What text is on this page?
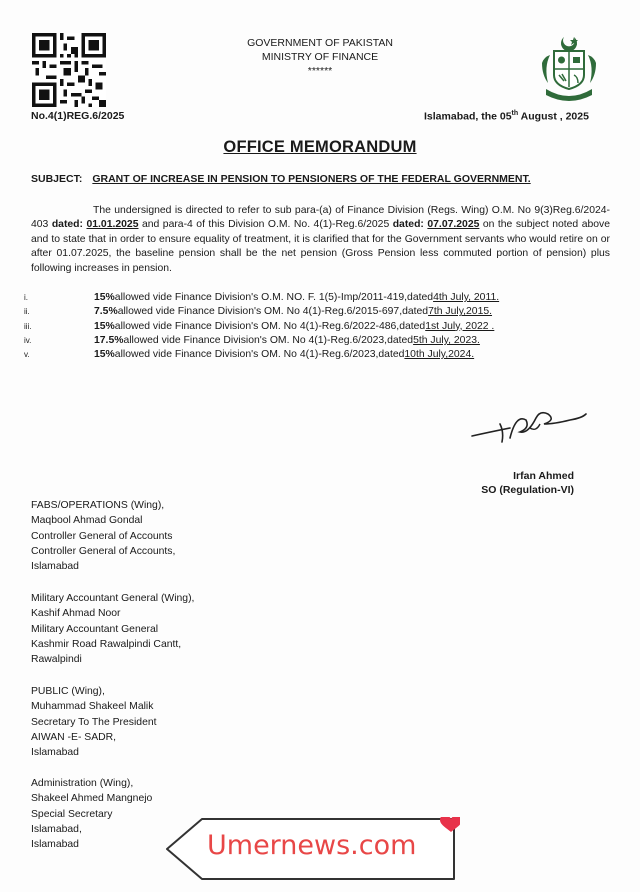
GOVERNMENT OF PAKISTAN
MINISTRY OF FINANCE
******
No.4(1)REG.6/2025	Islamabad, the 05th August , 2025
OFFICE MEMORANDUM
SUBJECT: GRANT OF INCREASE IN PENSION TO PENSIONERS OF THE FEDERAL GOVERNMENT.
The undersigned is directed to refer to sub para-(a) of Finance Division (Regs. Wing) O.M. No 9(3)Reg.6/2024-403 dated: 01.01.2025 and para-4 of this Division O.M. No. 4(1)-Reg.6/2025 dated: 07.07.2025 on the subject noted above and to state that in order to ensure equality of treatment, it is clarified that for the Government servants who would retire on or after 01.07.2025, the baseline pension shall be the net pension (Gross Pension less commuted portion of pension) plus following increases in pension.
i.	15% allowed vide Finance Division's O.M. NO. F. 1(5)-Imp/2011-419,dated 4th July, 2011.
ii.	7.5% allowed vide Finance Division's OM. No 4(1)-Reg.6/2015-697,dated 7th July,2015.
iii.	15% allowed vide Finance Division's OM. No 4(1)-Reg.6/2022-486,dated 1st July, 2022 .
iv.	17.5% allowed vide Finance Division's OM. No 4(1)-Reg.6/2023,dated 5th July, 2023.
v.	15% allowed vide Finance Division's OM. No 4(1)-Reg.6/2023,dated 10th July,2024.
Irfan Ahmed
SO (Regulation-VI)
FABS/OPERATIONS (Wing),
Maqbool Ahmad Gondal
Controller General of Accounts
Controller General of Accounts,
Islamabad
Military Accountant General (Wing),
Kashif Ahmad Noor
Military Accountant General
Kashmir Road Rawalpindi Cantt,
Rawalpindi
PUBLIC (Wing),
Muhammad Shakeel Malik
Secretary To The President
AIWAN -E- SADR,
Islamabad
Administration (Wing),
Shakeel Ahmed Mangnejo
Special Secretary
Islamabad,
Islamabad	Umernews.com
